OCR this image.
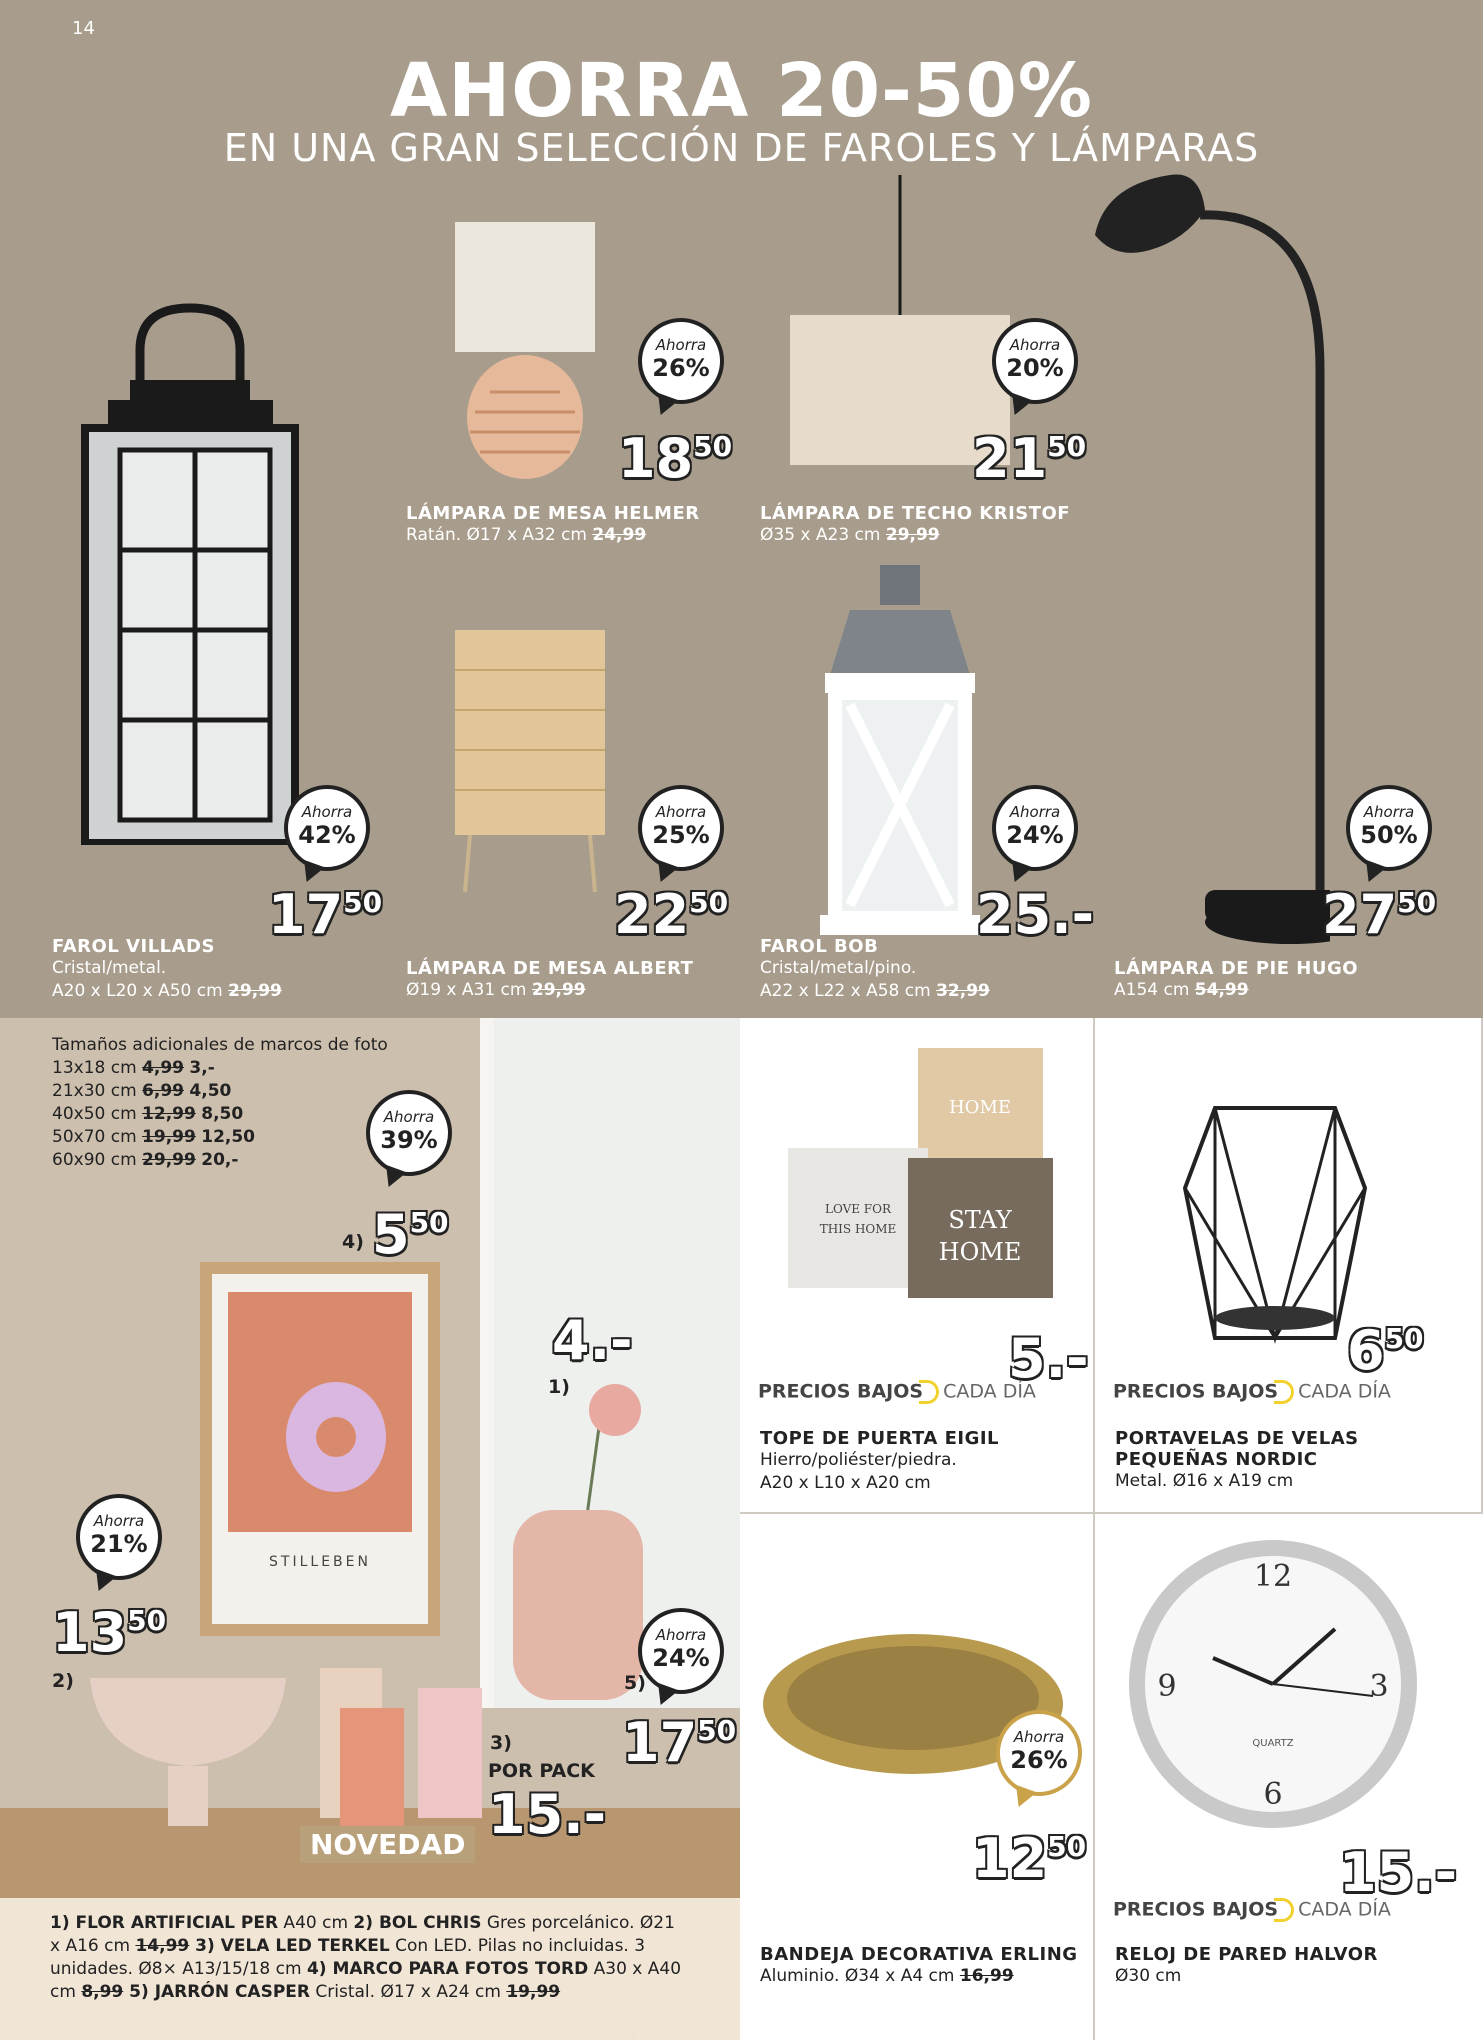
14
AHORRA 20-50%
EN UNA GRAN SELECCIÓN DE FAROLES Y LÁMPARAS
FAROL VILLADS
Cristal/metal.
A20 x L20 x A50 cm 29,99
Ahorra
42%
$17^{50}$
LÁMPARA DE MESA HELMER
Ratán. Ø17 x A32 cm 24,99
Ahorra
26%
$18^{50}$
LÁMPARA DE TECHO KRISTOF
Ø35 x A23 cm 29,99
Ahorra
20%
$21^{50}$
LÁMPARA DE MESA ALBERT
Ø19 x A31 cm 29,99
Ahorra
25%
$22^{50}$
FAROL BOB
Cristal/metal/pino.
A22 x L22 x A58 cm 32,99
Ahorra
24%
25.-
LÁMPARA DE PIE HUGO
A154 cm 54,99
Ahorra
50%
$27^{50}$
Tamaños adicionales de marcos de foto
13x18 cm 4,99 3,-
21x30 cm 6,99 4,50
40x50 cm 12,99 8,50
50x70 cm 19,99 12,50
60x90 cm 29,99 20,-
STILLEBEN
Ahorra
39%
4) $5^{50}$
4.-
1)
Ahorra
21%
$13^{50}$
2)
Ahorra
24%
5)
$17^{50}$
3)
POR PACK
15.-
NOVEDAD
1) FLOR ARTIFICIAL PER A40 cm 2) BOL CHRIS Gres porcelánico. Ø21 x A16 cm 14,99 3) VELA LED TERKEL Con LED. Pilas no incluidas. 3 unidades. Ø8× A13/15/18 cm 4) MARCO PARA FOTOS TORD A30 x A40 cm 8,99 5) JARRÓN CASPER Cristal. Ø17 x A24 cm 19,99
HOME
LOVE FOR
THIS HOME STAY
HOME
5.-
PRECIOS BAJOS CADA DÍA
TOPE DE PUERTA EIGIL
Hierro/poliéster/piedra.
A20 x L10 x A20 cm
$6^{50}$
PRECIOS BAJOS CADA DÍA
PORTAVELAS DE VELAS PEQUEÑAS NORDIC
Metal. Ø16 x A19 cm
Ahorra
26%
$12^{50}$
BANDEJA DECORATIVA ERLING
Aluminio. Ø34 x A4 cm 16,99
12
3
6
9
QUARTZ
15.-
PRECIOS BAJOS CADA DÍA
RELOJ DE PARED HALVOR
Ø30 cm
